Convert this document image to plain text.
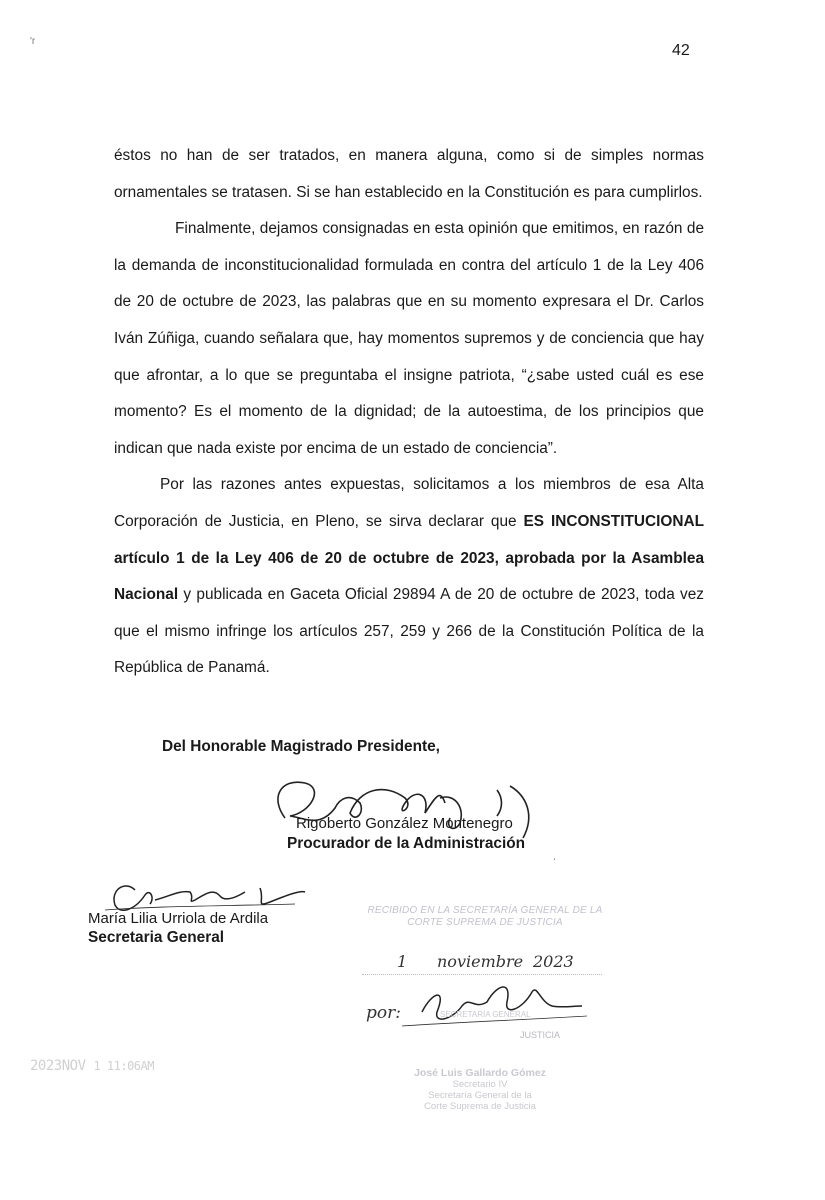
42
'r

éstos no han de ser tratados, en manera alguna, como si de simples normas ornamentales se tratasen. Si se han establecido en la Constitución es para cumplirlos.

Finalmente, dejamos consignadas en esta opinión que emitimos, en razón de la demanda de inconstitucionalidad formulada en contra del artículo 1 de la Ley 406 de 20 de octubre de 2023, las palabras que en su momento expresara el Dr. Carlos Iván Zúñiga, cuando señalara que, hay momentos supremos y de conciencia que hay que afrontar, a lo que se preguntaba el insigne patriota, “¿sabe usted cuál es ese momento? Es el momento de la dignidad; de la autoestima, de los principios que indican que nada existe por encima de un estado de conciencia”.

Por las razones antes expuestas, solicitamos a los miembros de esa Alta Corporación de Justicia, en Pleno, se sirva declarar que ES INCONSTITUCIONAL artículo 1 de la Ley 406 de 20 de octubre de 2023, aprobada por la Asamblea Nacional y publicada en Gaceta Oficial 29894 A de 20 de octubre de 2023, toda vez que el mismo infringe los artículos 257, 259 y 266 de la Constitución Política de la República de Panamá.

Del Honorable Magistrado Presidente,
Rigoberto González Montenegro
Procurador de la Administración
María Lilia Urriola de Ardila
Secretaria General
RECIBIDO EN LA SECRETARÍA GENERAL DE LA
CORTE SUPREMA DE JUSTICIA
1 noviembre 2023
por:	SECRETARÍA GENERAL
JUSTICIA
José Luis Gallardo Gómez
Secretario IV
Secretaría General de la
Corte Suprema de Justicia
2023NOV 1 11:06AM
